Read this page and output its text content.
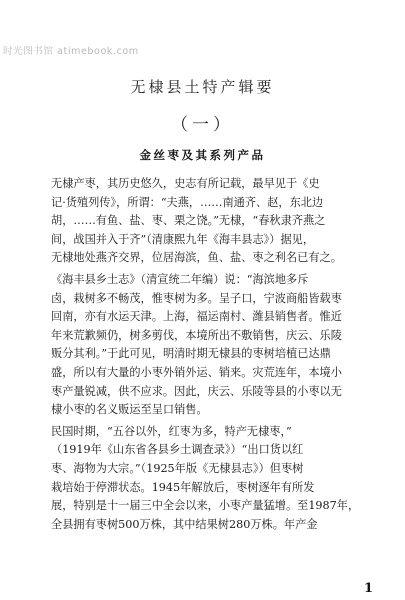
时光图书馆 atimebook.com
无棣县土特产辑要
（一）
金丝枣及其系列产品
无棣产枣，其历史悠久，史志有所记载，最早见于《史
记·货殖列传》，所谓：“夫燕，……南通齐、赵，东北边
胡，……有鱼、盐、枣、栗之饶。”无棣，“春秋隶齐燕之
间，战国并入于齐”（清康熙九年《海丰县志》）据见，
无棣地处燕齐交界，位居海滨，鱼、盐、枣之利名已有之。
《海丰县乡土志》（清宣统二年编）说：“海滨地多斥
卤，栽树多不畅茂，惟枣树为多。呈子口，宁波商船皆载枣
回南，亦有水运天津。上海，福运南村、潍县销售者。惟近
年来荒歉频仍，树多剪伐，本境所出不敷销售，庆云、乐陵
贩分其利。”于此可见，明清时期无棣县的枣树培植已达鼎
盛，所以有大量的小枣外销外运、销来。灾荒连年，本境小
枣产量锐减，供不应求。因此，庆云、乐陵等县的小枣以无
棣小枣的名义贩运至呈口销售。
民国时期，“五谷以外，红枣为多，特产无棣枣，”
（1919年《山东省各县乡土调查录》）“出口货以红
枣、海物为大宗。”（1925年版《无棣县志》）但枣树
栽培始于停滞状态。1945年解放后，枣树逐年有所发
展，特别是十一届三中全会以来，小枣产量猛增。至1987年，
全县拥有枣树500万株，其中结果树280万株。年产金
1
